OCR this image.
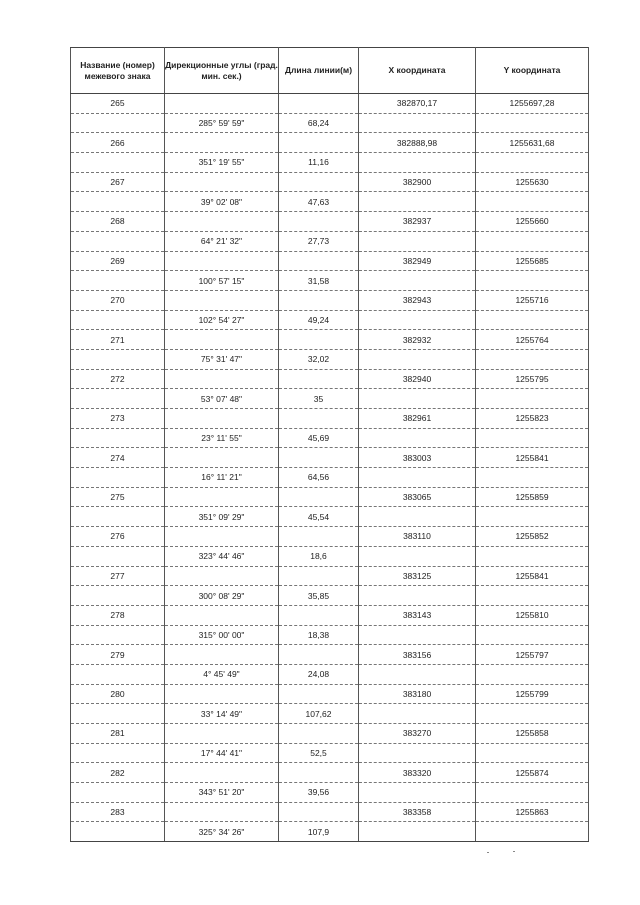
Название (номер) межевого знака	Дирекционные углы (град. мин. сек.)	Длина линии(м)	X координата	Y координата
265			382870,17	1255697,28
	285° 59' 59"	68,24		
266			382888,98	1255631,68
	351° 19' 55"	11,16		
267			382900	1255630
	39° 02' 08"	47,63		
268			382937	1255660
	64° 21' 32"	27,73		
269			382949	1255685
	100° 57' 15"	31,58		
270			382943	1255716
	102° 54' 27"	49,24		
271			382932	1255764
	75° 31' 47"	32,02		
272			382940	1255795
	53° 07' 48"	35		
273			382961	1255823
	23° 11' 55"	45,69		
274			383003	1255841
	16° 11' 21"	64,56		
275			383065	1255859
	351° 09' 29"	45,54		
276			383110	1255852
	323° 44' 46"	18,6		
277			383125	1255841
	300° 08' 29"	35,85		
278			383143	1255810
	315° 00' 00"	18,38		
279			383156	1255797
	4° 45' 49"	24,08		
280			383180	1255799
	33° 14' 49"	107,62		
281			383270	1255858
	17° 44' 41"	52,5		
282			383320	1255874
	343° 51' 20"	39,56		
283			383358	1255863
	325° 34' 26"	107,9		
